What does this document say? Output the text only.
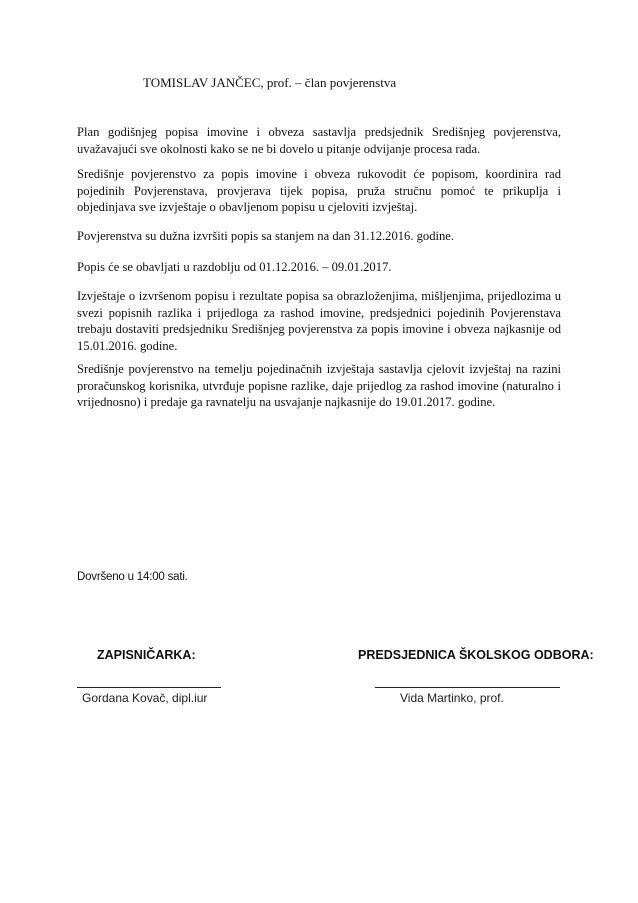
TOMISLAV JANČEC, prof. – član povjerenstva

Plan godišnjeg popisa imovine i obveza sastavlja predsjednik Središnjeg povjerenstva, uvažavajući sve okolnosti kako se ne bi dovelo u pitanje odvijanje procesa rada.

Središnje povjerenstvo za popis imovine i obveza rukovodit će popisom, koordinira rad pojedinih Povjerenstava, provjerava tijek popisa, pruža stručnu pomoć te prikuplja i objedinjava sve izvještaje o obavljenom popisu u cjeloviti izvještaj.

Povjerenstva su dužna izvršiti popis sa stanjem na dan 31.12.2016. godine.

Popis će se obavljati u razdoblju od 01.12.2016. – 09.01.2017.

Izvještaje o izvršenom popisu i rezultate popisa sa obrazloženjima, mišljenjima, prijedlozima u svezi popisnih razlika i prijedloga za rashod imovine, predsjednici pojedinih Povjerenstava trebaju dostaviti predsjedniku Središnjeg povjerenstva za popis imovine i obveza najkasnije od 15.01.2016. godine.

Središnje povjerenstvo na temelju pojedinačnih izvještaja sastavlja cjelovit izvještaj na razini proračunskog korisnika, utvrđuje popisne razlike, daje prijedlog za rashod imovine (naturalno i vrijednosno) i predaje ga ravnatelju na usvajanje najkasnije do 19.01.2017. godine.

Dovršeno u 14:00 sati.
ZAPISNIČARKA:	PREDSJEDNICA ŠKOLSKOG ODBORA:
Gordana Kovač, dipl.iur	Vida Martinko, prof.
